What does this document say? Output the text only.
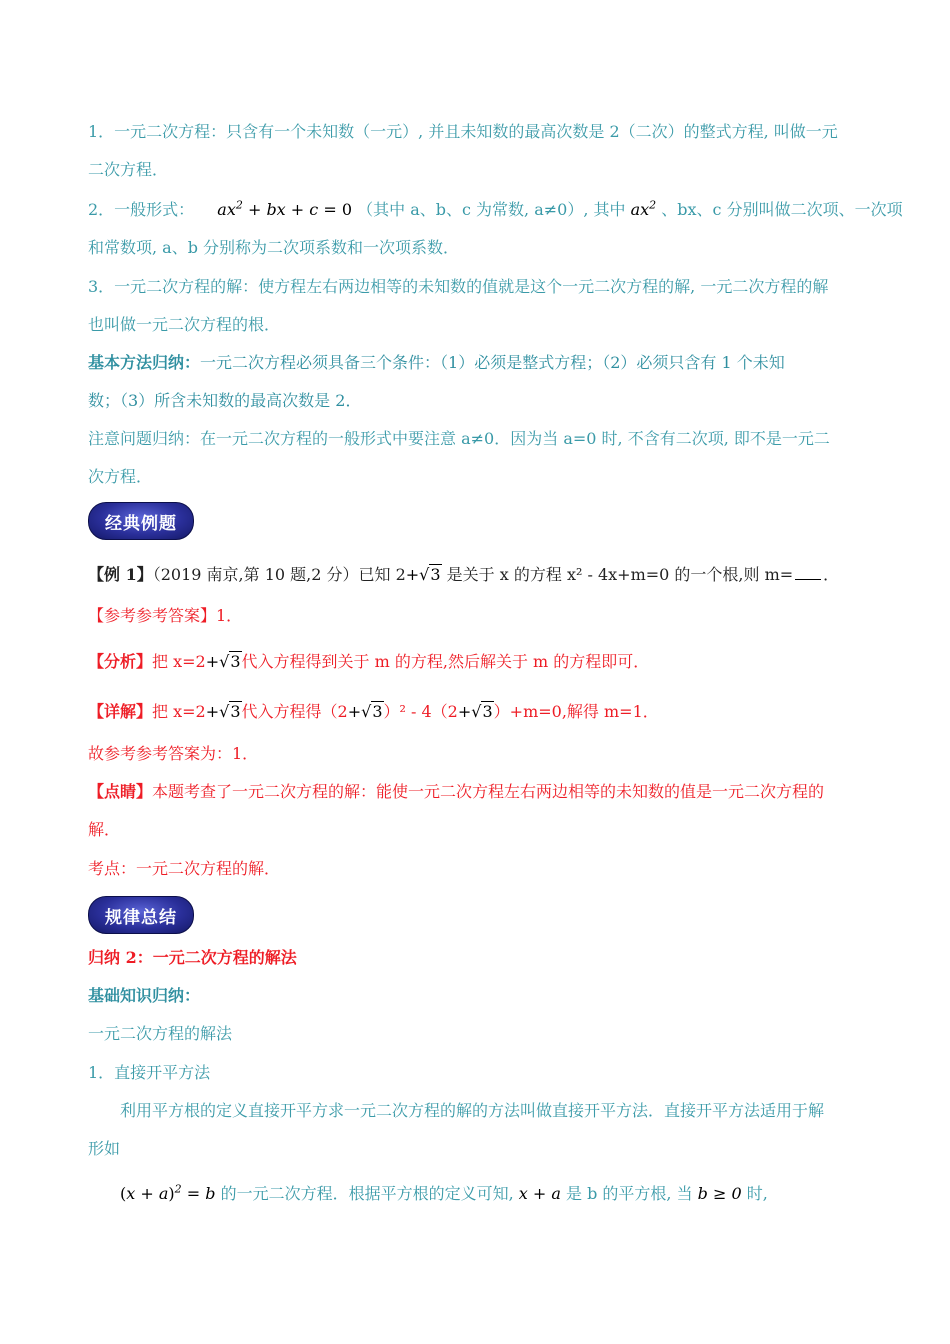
1．一元二次方程：只含有一个未知数（一元）, 并且未知数的最高次数是 2（二次）的整式方程, 叫做一元
二次方程．
2．一般形式： $ax^2$ + bx + c = 0 （其中 a、b、c 为常数, a≠0）, 其中 $ax^2$ 、bx、c 分别叫做二次项、一次项
和常数项, a、b 分别称为二次项系数和一次项系数．
3．一元二次方程的解：使方程左右两边相等的未知数的值就是这个一元二次方程的解, 一元二次方程的解
也叫做一元二次方程的根．
基本方法归纳：一元二次方程必须具备三个条件：（1）必须是整式方程；（2）必须只含有 1 个未知
数；（3）所含未知数的最高次数是 2．
注意问题归纳：在一元二次方程的一般形式中要注意 a≠0．因为当 a=0 时, 不含有二次项, 即不是一元二
次方程．
经典例题
【例 1】（2019 南京,第 10 题,2 分）已知 2+√3 是关于 x 的方程 x² - 4x+m=0 的一个根,则 m= ．
【参考参考答案】1．
【分析】把 x=2+√3代入方程得到关于 m 的方程,然后解关于 m 的方程即可．
【详解】把 x=2+√3代入方程得（2+√3）² - 4（2+√3）+m=0,解得 m=1．
故参考参考答案为：1．
【点睛】本题考查了一元二次方程的解：能使一元二次方程左右两边相等的未知数的值是一元二次方程的
解．
考点：一元二次方程的解．
规律总结
归纳 2：一元二次方程的解法
基础知识归纳：
一元二次方程的解法
1．直接开平方法
利用平方根的定义直接开平方求一元二次方程的解的方法叫做直接开平方法．直接开平方法适用于解
形如
$(x + a)^2 = b$ 的一元二次方程．根据平方根的定义可知, x + a 是 b 的平方根, 当 b ≥ 0 时,
